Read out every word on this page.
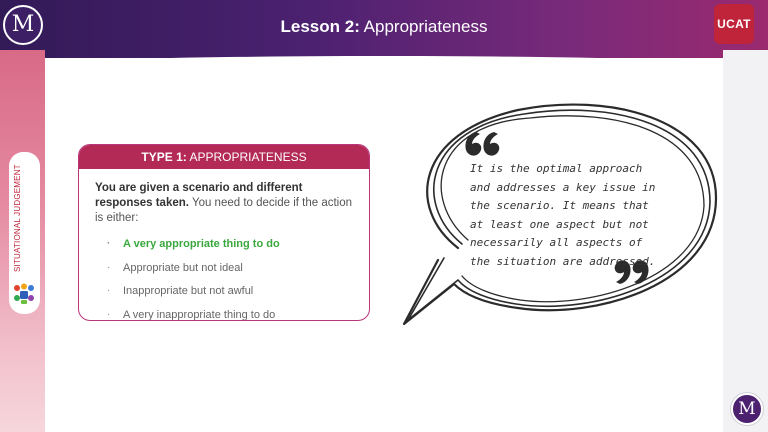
M	Lesson 2: Appropriateness	UCAT
SITUATIONAL JUDGEMENT
M
TYPE 1: APPROPRIATENESS

You are given a scenario and different responses taken. You need to decide if the action is either:

· A very appropriate thing to do
· Appropriate but not ideal
· Inappropriate but not awful
· A very inappropriate thing to do
It is the optimal approach and addresses a key issue in the scenario. It means that at least one aspect but not necessarily all aspects of the situation are addressed.
